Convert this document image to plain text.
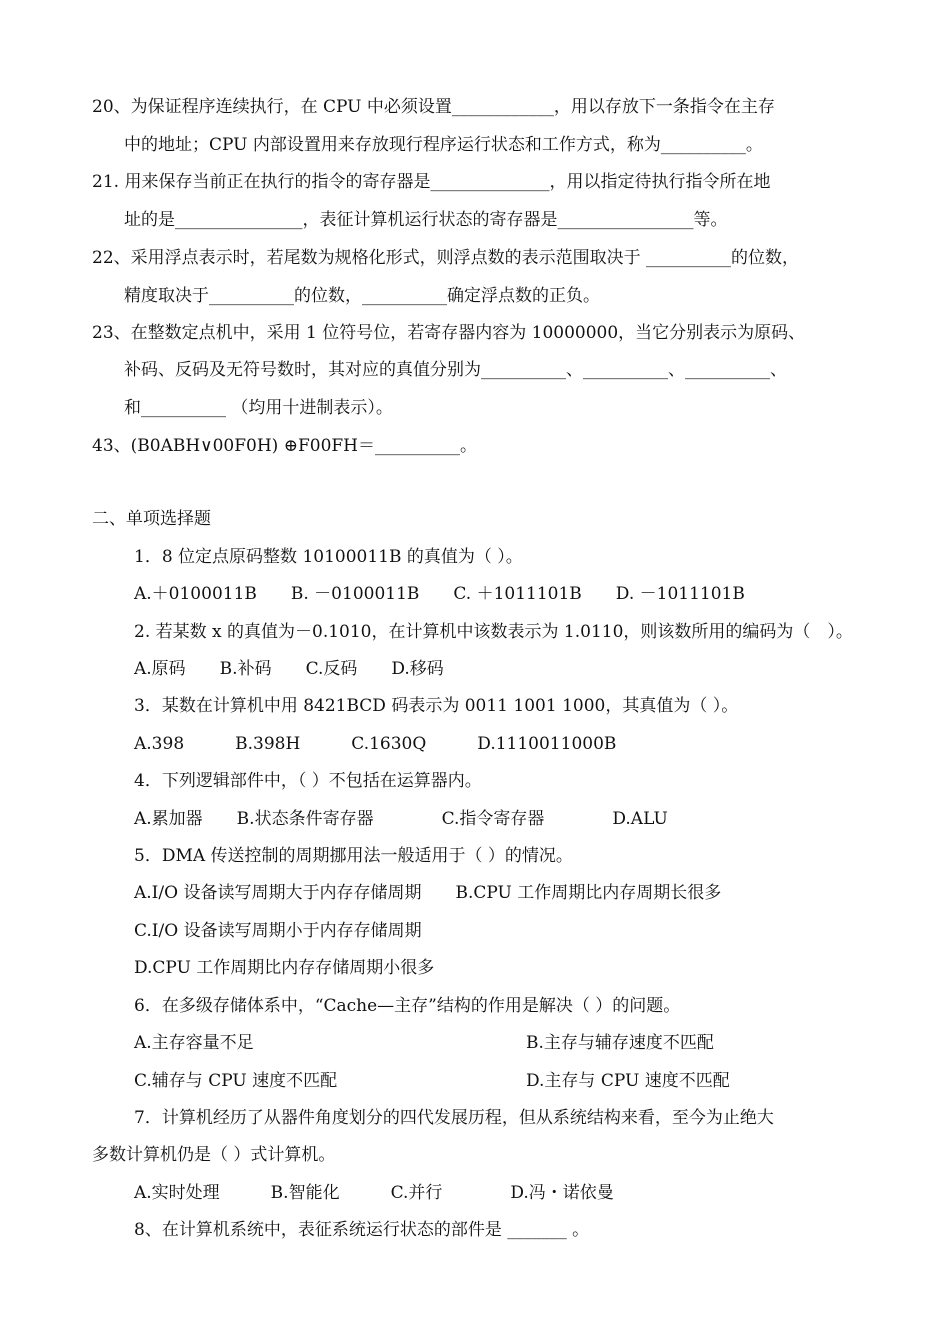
20、为保证程序连续执行，在 CPU 中必须设置____________，用以存放下一条指令在主存
中的地址；CPU 内部设置用来存放现行程序运行状态和工作方式，称为__________。
21. 用来保存当前正在执行的指令的寄存器是______________，用以指定待执行指令所在地
址的是_______________，表征计算机运行状态的寄存器是________________等。
22、采用浮点表示时，若尾数为规格化形式，则浮点数的表示范围取决于 __________的位数，
精度取决于__________的位数，__________确定浮点数的正负。
23、在整数定点机中，采用 1 位符号位，若寄存器内容为 10000000，当它分别表示为原码、
补码、反码及无符号数时，其对应的真值分别为__________、__________、__________、
和__________ （均用十进制表示）。
43、(B0ABH∨00F0H) ⊕F00FH＝__________。
二、单项选择题
1．8 位定点原码整数 10100011B 的真值为（ ）。
A.＋0100011B　　B. －0100011B　　C. ＋1011101B　　D. －1011101B
2. 若某数 x 的真值为－0.1010，在计算机中该数表示为 1.0110，则该数所用的编码为（　）。
A.原码　　B.补码　　C.反码　　D.移码
3．某数在计算机中用 8421BCD 码表示为 0011 1001 1000，其真值为（ ）。
A.398　　　B.398H　　　C.1630Q　　　D.1110011000B
4．下列逻辑部件中，（ ）不包括在运算器内。
A.累加器　　B.状态条件寄存器　　　　C.指令寄存器　　　　D.ALU
5．DMA 传送控制的周期挪用法一般适用于（ ）的情况。
A.I/O 设备读写周期大于内存存储周期　　B.CPU 工作周期比内存周期长很多
C.I/O 设备读写周期小于内存存储周期
D.CPU 工作周期比内存存储周期小很多
6．在多级存储体系中，“Cache—主存”结构的作用是解决（ ）的问题。
A.主存容量不足	B.主存与辅存速度不匹配
C.辅存与 CPU 速度不匹配	D.主存与 CPU 速度不匹配
7．计算机经历了从器件角度划分的四代发展历程，但从系统结构来看，至今为止绝大
多数计算机仍是（ ）式计算机。
A.实时处理　　　B.智能化　　　C.并行　　　　D.冯・诺依曼
8、在计算机系统中，表征系统运行状态的部件是 _______ 。
